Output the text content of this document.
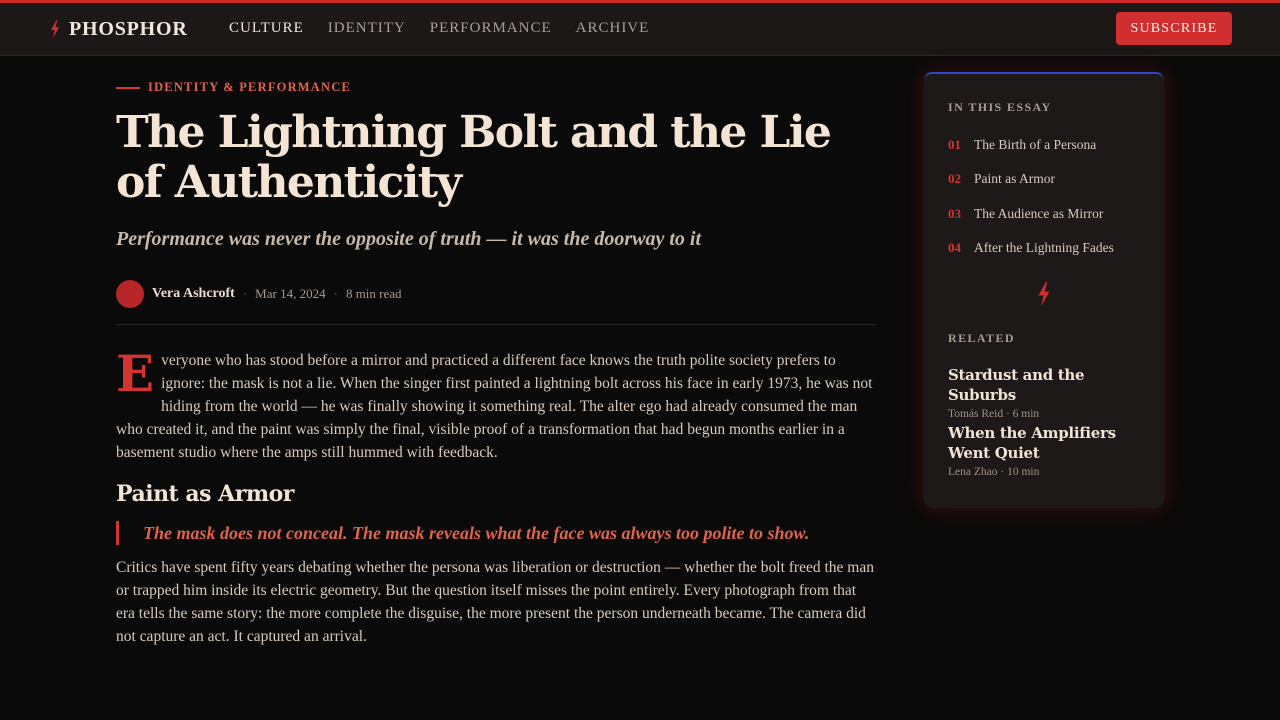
PHOSPHOR	CULTURE IDENTITY PERFORMANCE ARCHIVE	SUBSCRIBE
IDENTITY & PERFORMANCE
The Lightning Bolt and the Lie of Authenticity

Performance was never the opposite of truth — it was the doorway to it

Vera Ashcroft · Mar 14, 2024 · 8 min read

Everyone who has stood before a mirror and practiced a different face knows the truth polite society prefers to ignore: the mask is not a lie. When the singer first painted a lightning bolt across his face in early 1973, he was not hiding from the world — he was finally showing it something real. The alter ego had already consumed the man who created it, and the paint was simply the final, visible proof of a transformation that had begun months earlier in a basement studio where the amps still hummed with feedback.

Paint as Armor
The mask does not conceal. The mask reveals what the face was always too polite to show.

Critics have spent fifty years debating whether the persona was liberation or destruction — whether the bolt freed the man or trapped him inside its electric geometry. But the question itself misses the point entirely. Every photograph from that era tells the same story: the more complete the disguise, the more present the person underneath became. The camera did not capture an act. It captured an arrival.

IN THIS ESSAY
01 The Birth of a Persona
02 Paint as Armor
03 The Audience as Mirror
04 After the Lightning Fades
RELATED
Stardust and the Suburbs
Tomás Reid · 6 min
When the Amplifiers Went Quiet
Lena Zhao · 10 min
